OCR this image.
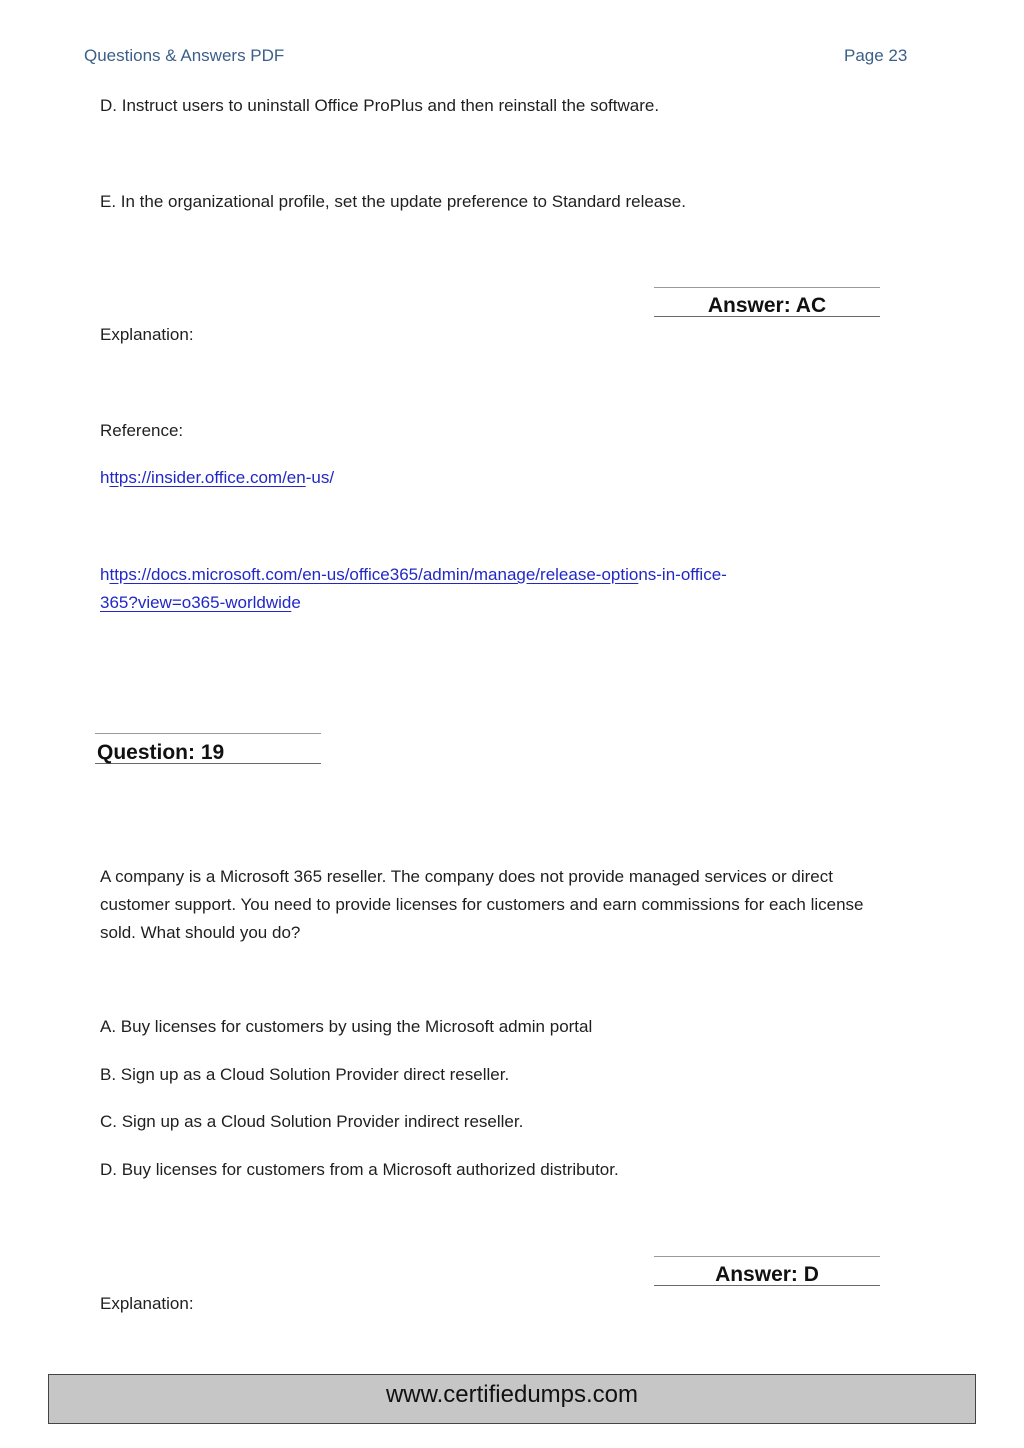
Questions & Answers PDF	Page 23
D. Instruct users to uninstall Office ProPlus and then reinstall the software.
E. In the organizational profile, set the update preference to Standard release.
Answer: AC
Explanation:
Reference:
https://insider.office.com/en-us/
https://docs.microsoft.com/en-us/office365/admin/manage/release-options-in-office-
365?view=o365-worldwide
Question: 19
A company is a Microsoft 365 reseller. The company does not provide managed services or direct
customer support. You need to provide licenses for customers and earn commissions for each license
sold. What should you do?
A. Buy licenses for customers by using the Microsoft admin portal
B. Sign up as a Cloud Solution Provider direct reseller.
C. Sign up as a Cloud Solution Provider indirect reseller.
D. Buy licenses for customers from a Microsoft authorized distributor.
Answer: D
Explanation:
www.certifiedumps.com
